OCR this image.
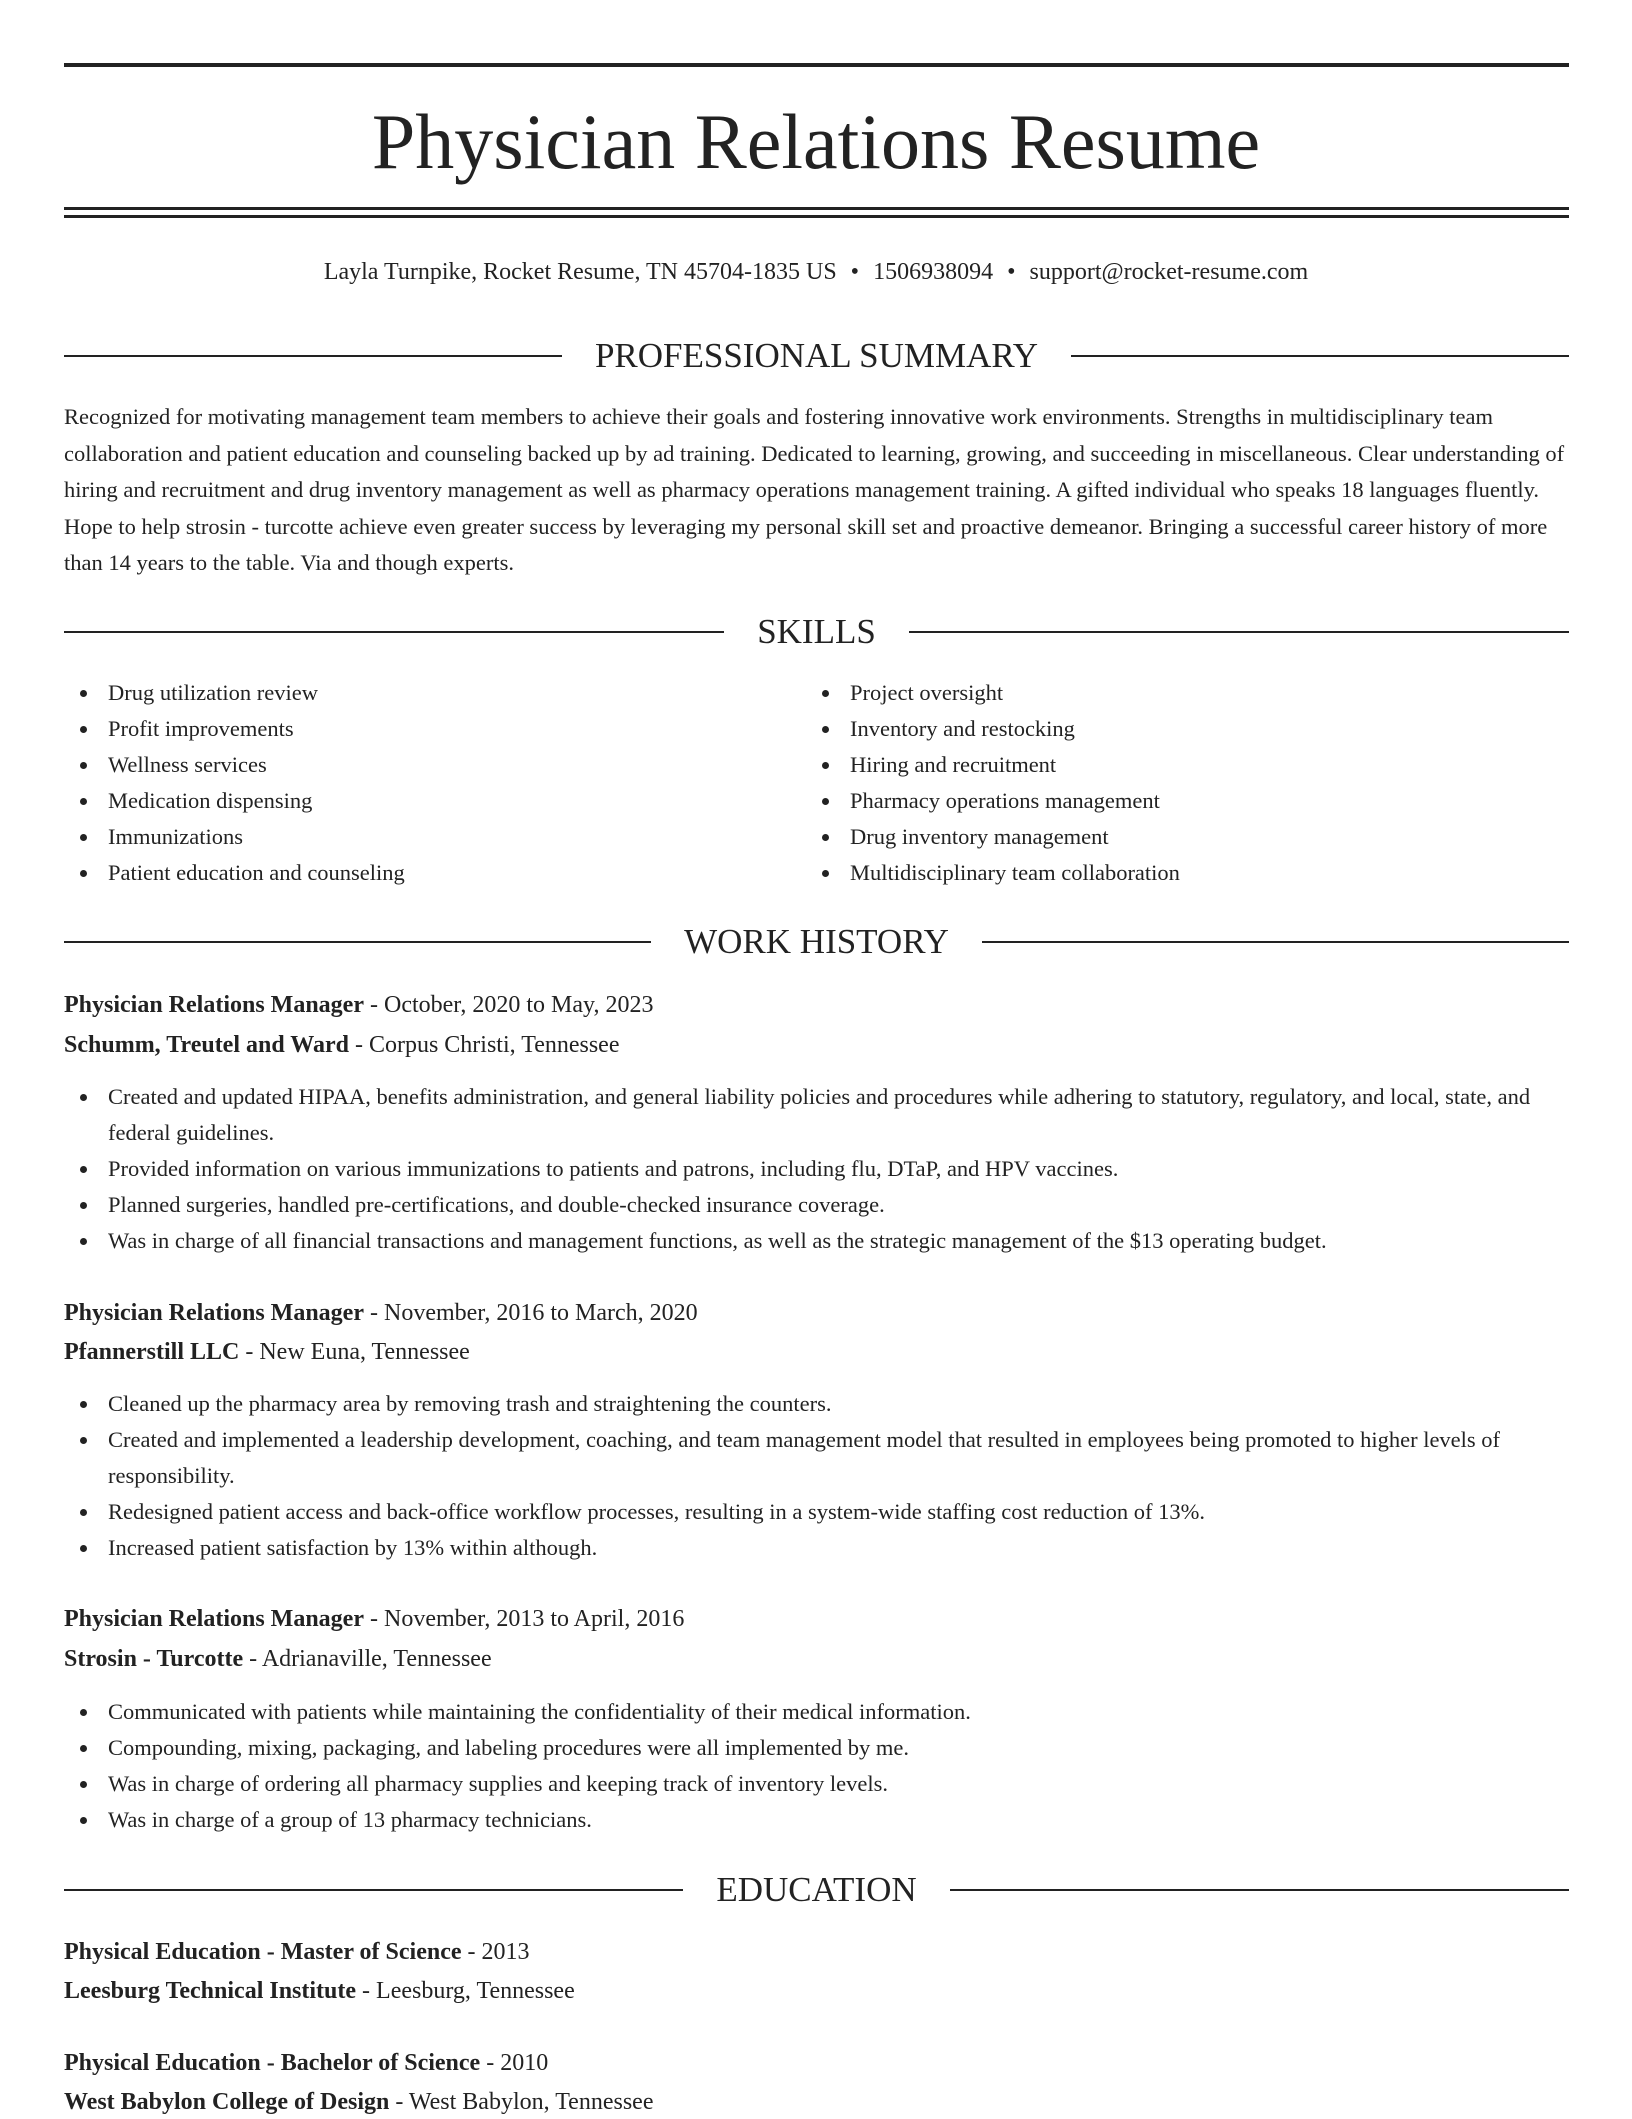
Physician Relations Resume
Layla Turnpike, Rocket Resume, TN 45704-1835 US • 1506938094 • support@rocket-resume.com
PROFESSIONAL SUMMARY

Recognized for motivating management team members to achieve their goals and fostering innovative work environments. Strengths in multidisciplinary team collaboration and patient education and counseling backed up by ad training. Dedicated to learning, growing, and succeeding in miscellaneous. Clear understanding of hiring and recruitment and drug inventory management as well as pharmacy operations management training. A gifted individual who speaks 18 languages fluently. Hope to help strosin - turcotte achieve even greater success by leveraging my personal skill set and proactive demeanor. Bringing a successful career history of more than 14 years to the table. Via and though experts.

SKILLS
Drug utilization review
Profit improvements
Wellness services
Medication dispensing
Immunizations
Patient education and counseling
Project oversight
Inventory and restocking
Hiring and recruitment
Pharmacy operations management
Drug inventory management
Multidisciplinary team collaboration
WORK HISTORY
Physician Relations Manager - October, 2020 to May, 2023
Schumm, Treutel and Ward - Corpus Christi, Tennessee
Created and updated HIPAA, benefits administration, and general liability policies and procedures while adhering to statutory, regulatory, and local, state, and federal guidelines.
Provided information on various immunizations to patients and patrons, including flu, DTaP, and HPV vaccines.
Planned surgeries, handled pre-certifications, and double-checked insurance coverage.
Was in charge of all financial transactions and management functions, as well as the strategic management of the $13 operating budget.
Physician Relations Manager - November, 2016 to March, 2020
Pfannerstill LLC - New Euna, Tennessee
Cleaned up the pharmacy area by removing trash and straightening the counters.
Created and implemented a leadership development, coaching, and team management model that resulted in employees being promoted to higher levels of responsibility.
Redesigned patient access and back-office workflow processes, resulting in a system-wide staffing cost reduction of 13%.
Increased patient satisfaction by 13% within although.
Physician Relations Manager - November, 2013 to April, 2016
Strosin - Turcotte - Adrianaville, Tennessee
Communicated with patients while maintaining the confidentiality of their medical information.
Compounding, mixing, packaging, and labeling procedures were all implemented by me.
Was in charge of ordering all pharmacy supplies and keeping track of inventory levels.
Was in charge of a group of 13 pharmacy technicians.
EDUCATION
Physical Education - Master of Science - 2013
Leesburg Technical Institute - Leesburg, Tennessee
Physical Education - Bachelor of Science - 2010
West Babylon College of Design - West Babylon, Tennessee
